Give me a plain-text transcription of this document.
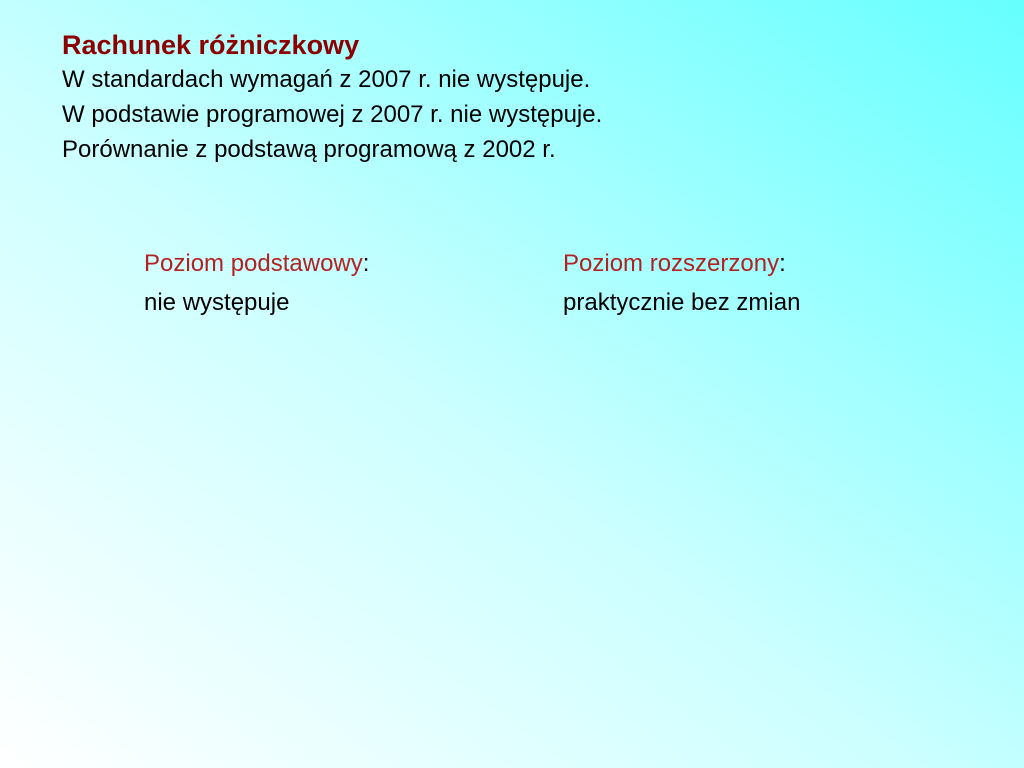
Rachunek różniczkowy
W standardach wymagań z 2007 r. nie występuje.
W podstawie programowej z 2007 r. nie występuje.
Porównanie z podstawą programową z 2002 r.
Poziom podstawowy:
nie występuje
Poziom rozszerzony:
praktycznie bez zmian
